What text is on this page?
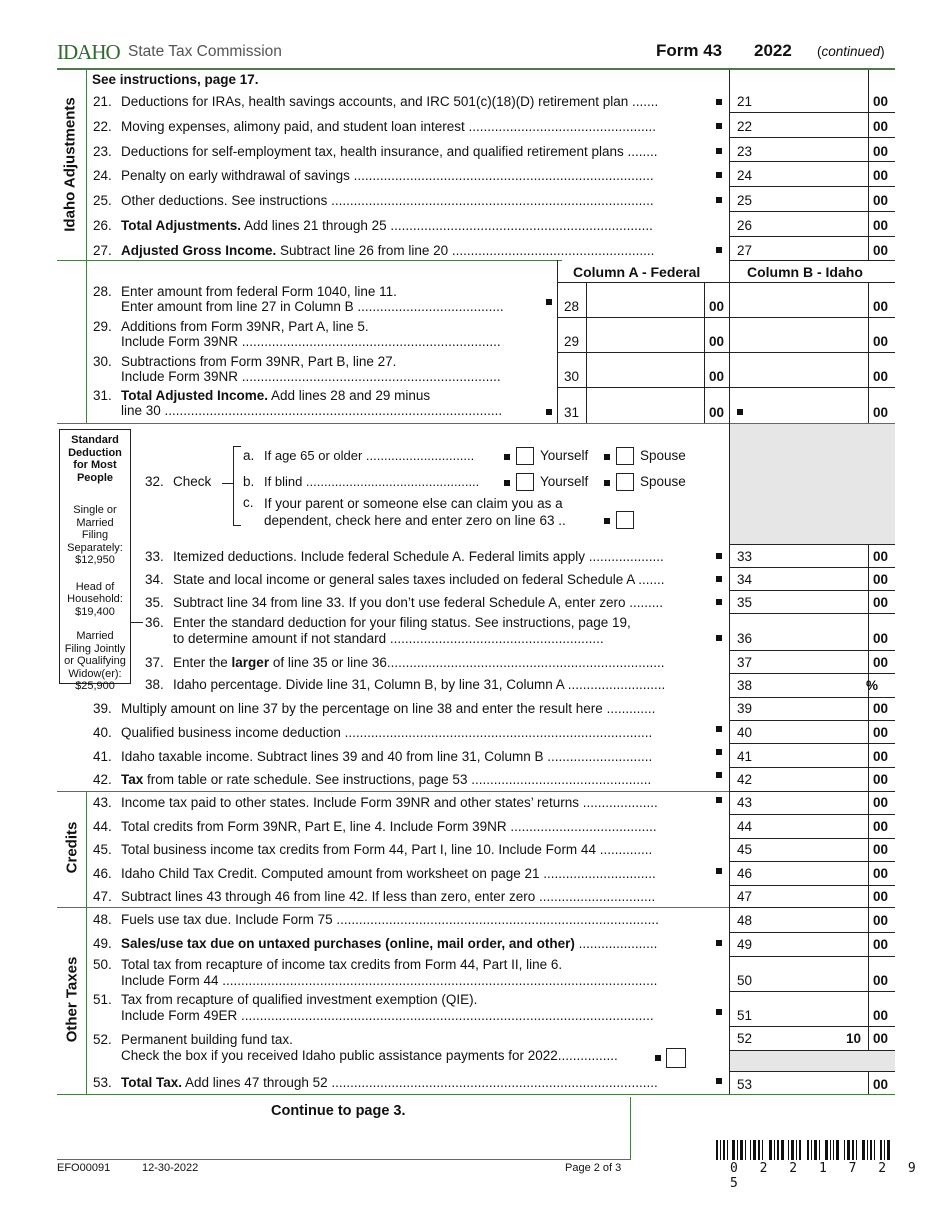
IDAHO State Tax Commission	Form 43 2022 (continued)
Idaho Adjustments
Credits
Other Taxes
See instructions, page 17.
21. Deductions for IRAs, health savings accounts, and IRC 501(c)(18)(D) retirement plan .......	21	00
22. Moving expenses, alimony paid, and student loan interest ..................................................	22	00
23. Deductions for self-employment tax, health insurance, and qualified retirement plans ........	23	00
24. Penalty on early withdrawal of savings ................................................................................	24	00
25. Other deductions. See instructions ......................................................................................	25	00
26. Total Adjustments. Add lines 21 through 25 ......................................................................	26	00
27. Adjusted Gross Income. Subtract line 26 from line 20 ......................................................	27	00
Column A - Federal	Column B - Idaho
28. Enter amount from federal Form 1040, line 11.
Enter amount from line 27 in Column B .......................................	28	00	00
29. Additions from Form 39NR, Part A, line 5.
Include Form 39NR .....................................................................	29	00	00
30. Subtractions from Form 39NR, Part B, line 27.
Include Form 39NR .....................................................................	30	00	00
31. Total Adjusted Income. Add lines 28 and 29 minus
line 30 ..........................................................................................	31	00	00
Standard Deduction for Most People
Single or Married Filing Separately: $12,950
Head of Household: $19,400
Married Filing Jointly or Qualifying Widow(er): $25,900
32. Check
a. If age 65 or older ..............................	Yourself	Spouse
b. If blind ................................................	Yourself	Spouse
c. If your parent or someone else can claim you as a
dependent, check here and enter zero on line 63 ..
33. Itemized deductions. Include federal Schedule A. Federal limits apply ....................	33	00
34. State and local income or general sales taxes included on federal Schedule A .......	34	00
35. Subtract line 34 from line 33. If you don’t use federal Schedule A, enter zero .........	35	00
36. Enter the standard deduction for your filing status. See instructions, page 19,
to determine amount if not standard .........................................................	36	00
37. Enter the larger of line 35 or line 36..........................................................................	37	00
38. Idaho percentage. Divide line 31, Column B, by line 31, Column A ..........................	38	%
39. Multiply amount on line 37 by the percentage on line 38 and enter the result here .............	39	00
40. Qualified business income deduction ..................................................................................	40	00
41. Idaho taxable income. Subtract lines 39 and 40 from line 31, Column B ............................	41	00
42. Tax from table or rate schedule. See instructions, page 53 ................................................	42	00
43. Income tax paid to other states. Include Form 39NR and other states’ returns ....................	43	00
44. Total credits from Form 39NR, Part E, line 4. Include Form 39NR .......................................	44	00
45. Total business income tax credits from Form 44, Part I, line 10. Include Form 44 ..............	45	00
46. Idaho Child Tax Credit. Computed amount from worksheet on page 21 ..............................	46	00
47. Subtract lines 43 through 46 from line 42. If less than zero, enter zero ...............................	47	00
48. Fuels use tax due. Include Form 75 ......................................................................................	48	00
49. Sales/use tax due on untaxed purchases (online, mail order, and other) .....................	49	00
50. Total tax from recapture of income tax credits from Form 44, Part II, line 6.
Include Form 44 ....................................................................................................................	50	00
51. Tax from recapture of qualified investment exemption (QIE).
Include Form 49ER ..............................................................................................................	51	00
52. Permanent building fund tax.
Check the box if you received Idaho public assistance payments for 2022................
52	10 00
53. Total Tax. Add lines 47 through 52 .......................................................................................	53	00
Continue to page 3.
EFO00091	12-30-2022	Page 2 of 3	0 2 2 1 7 2 9 5
